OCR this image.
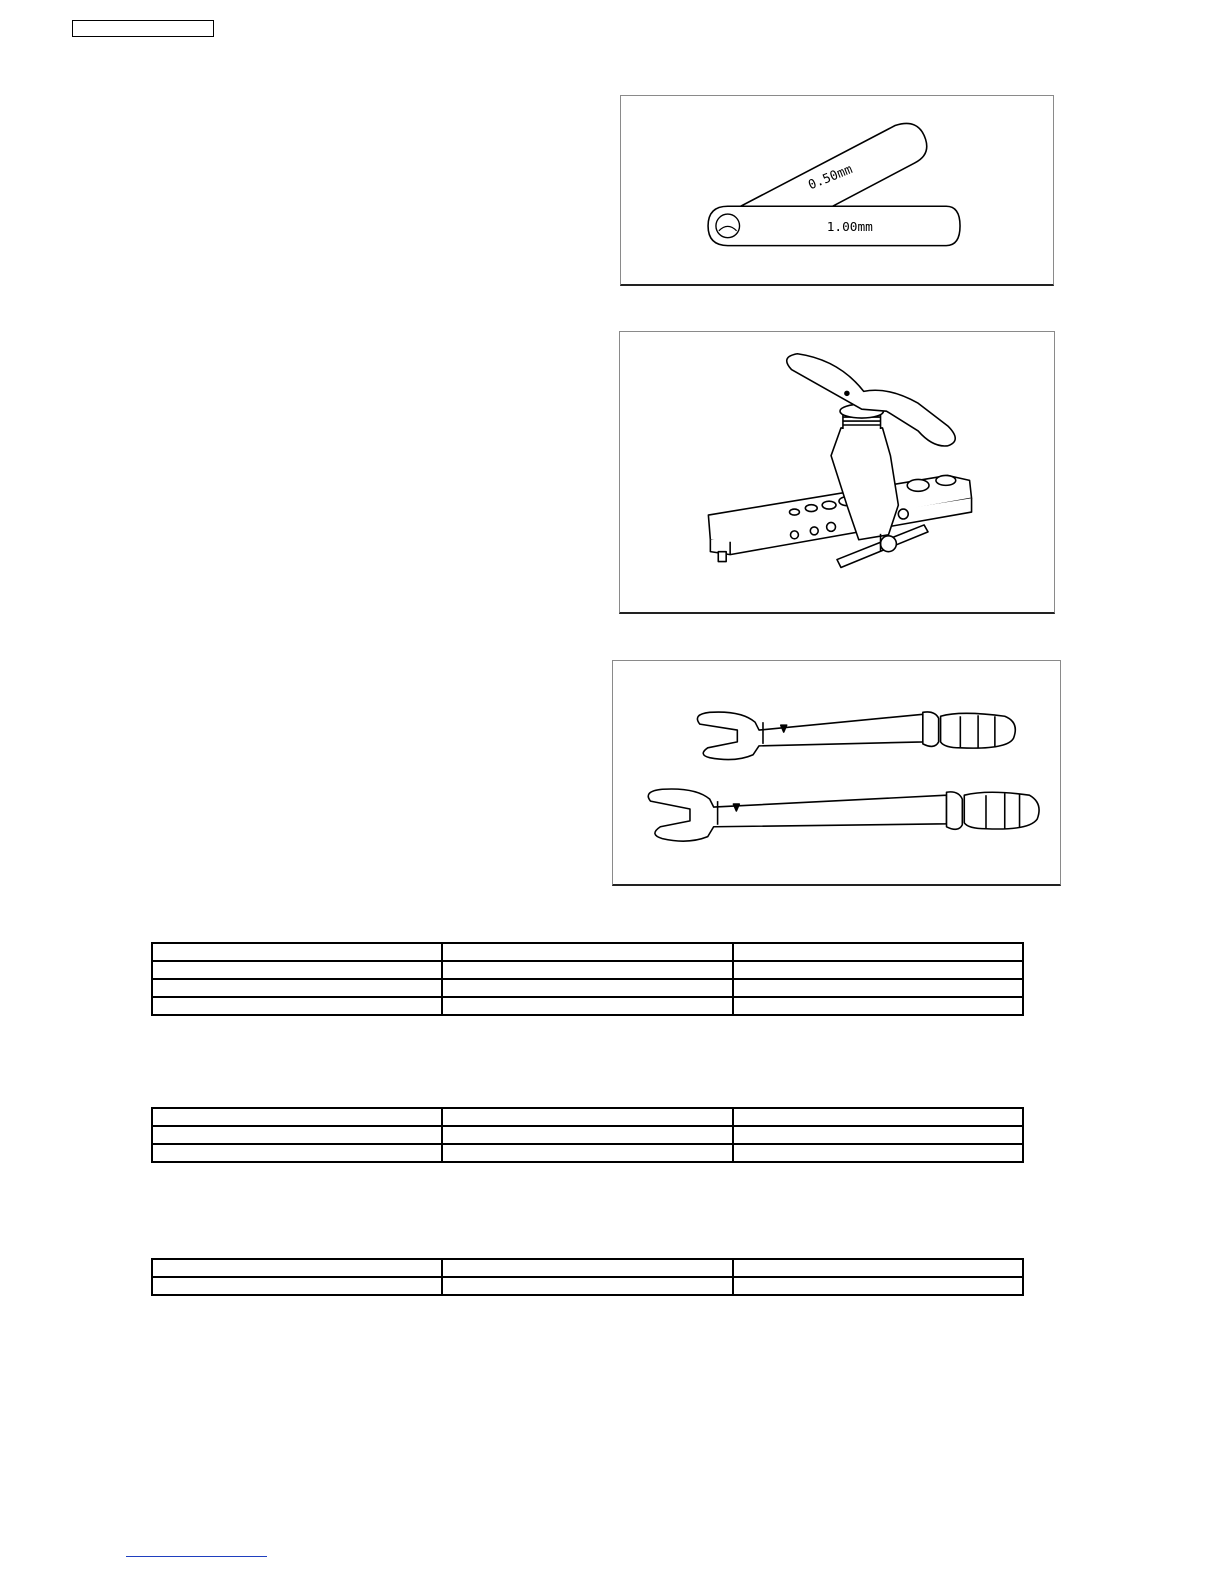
0.50mm
1.00mm
